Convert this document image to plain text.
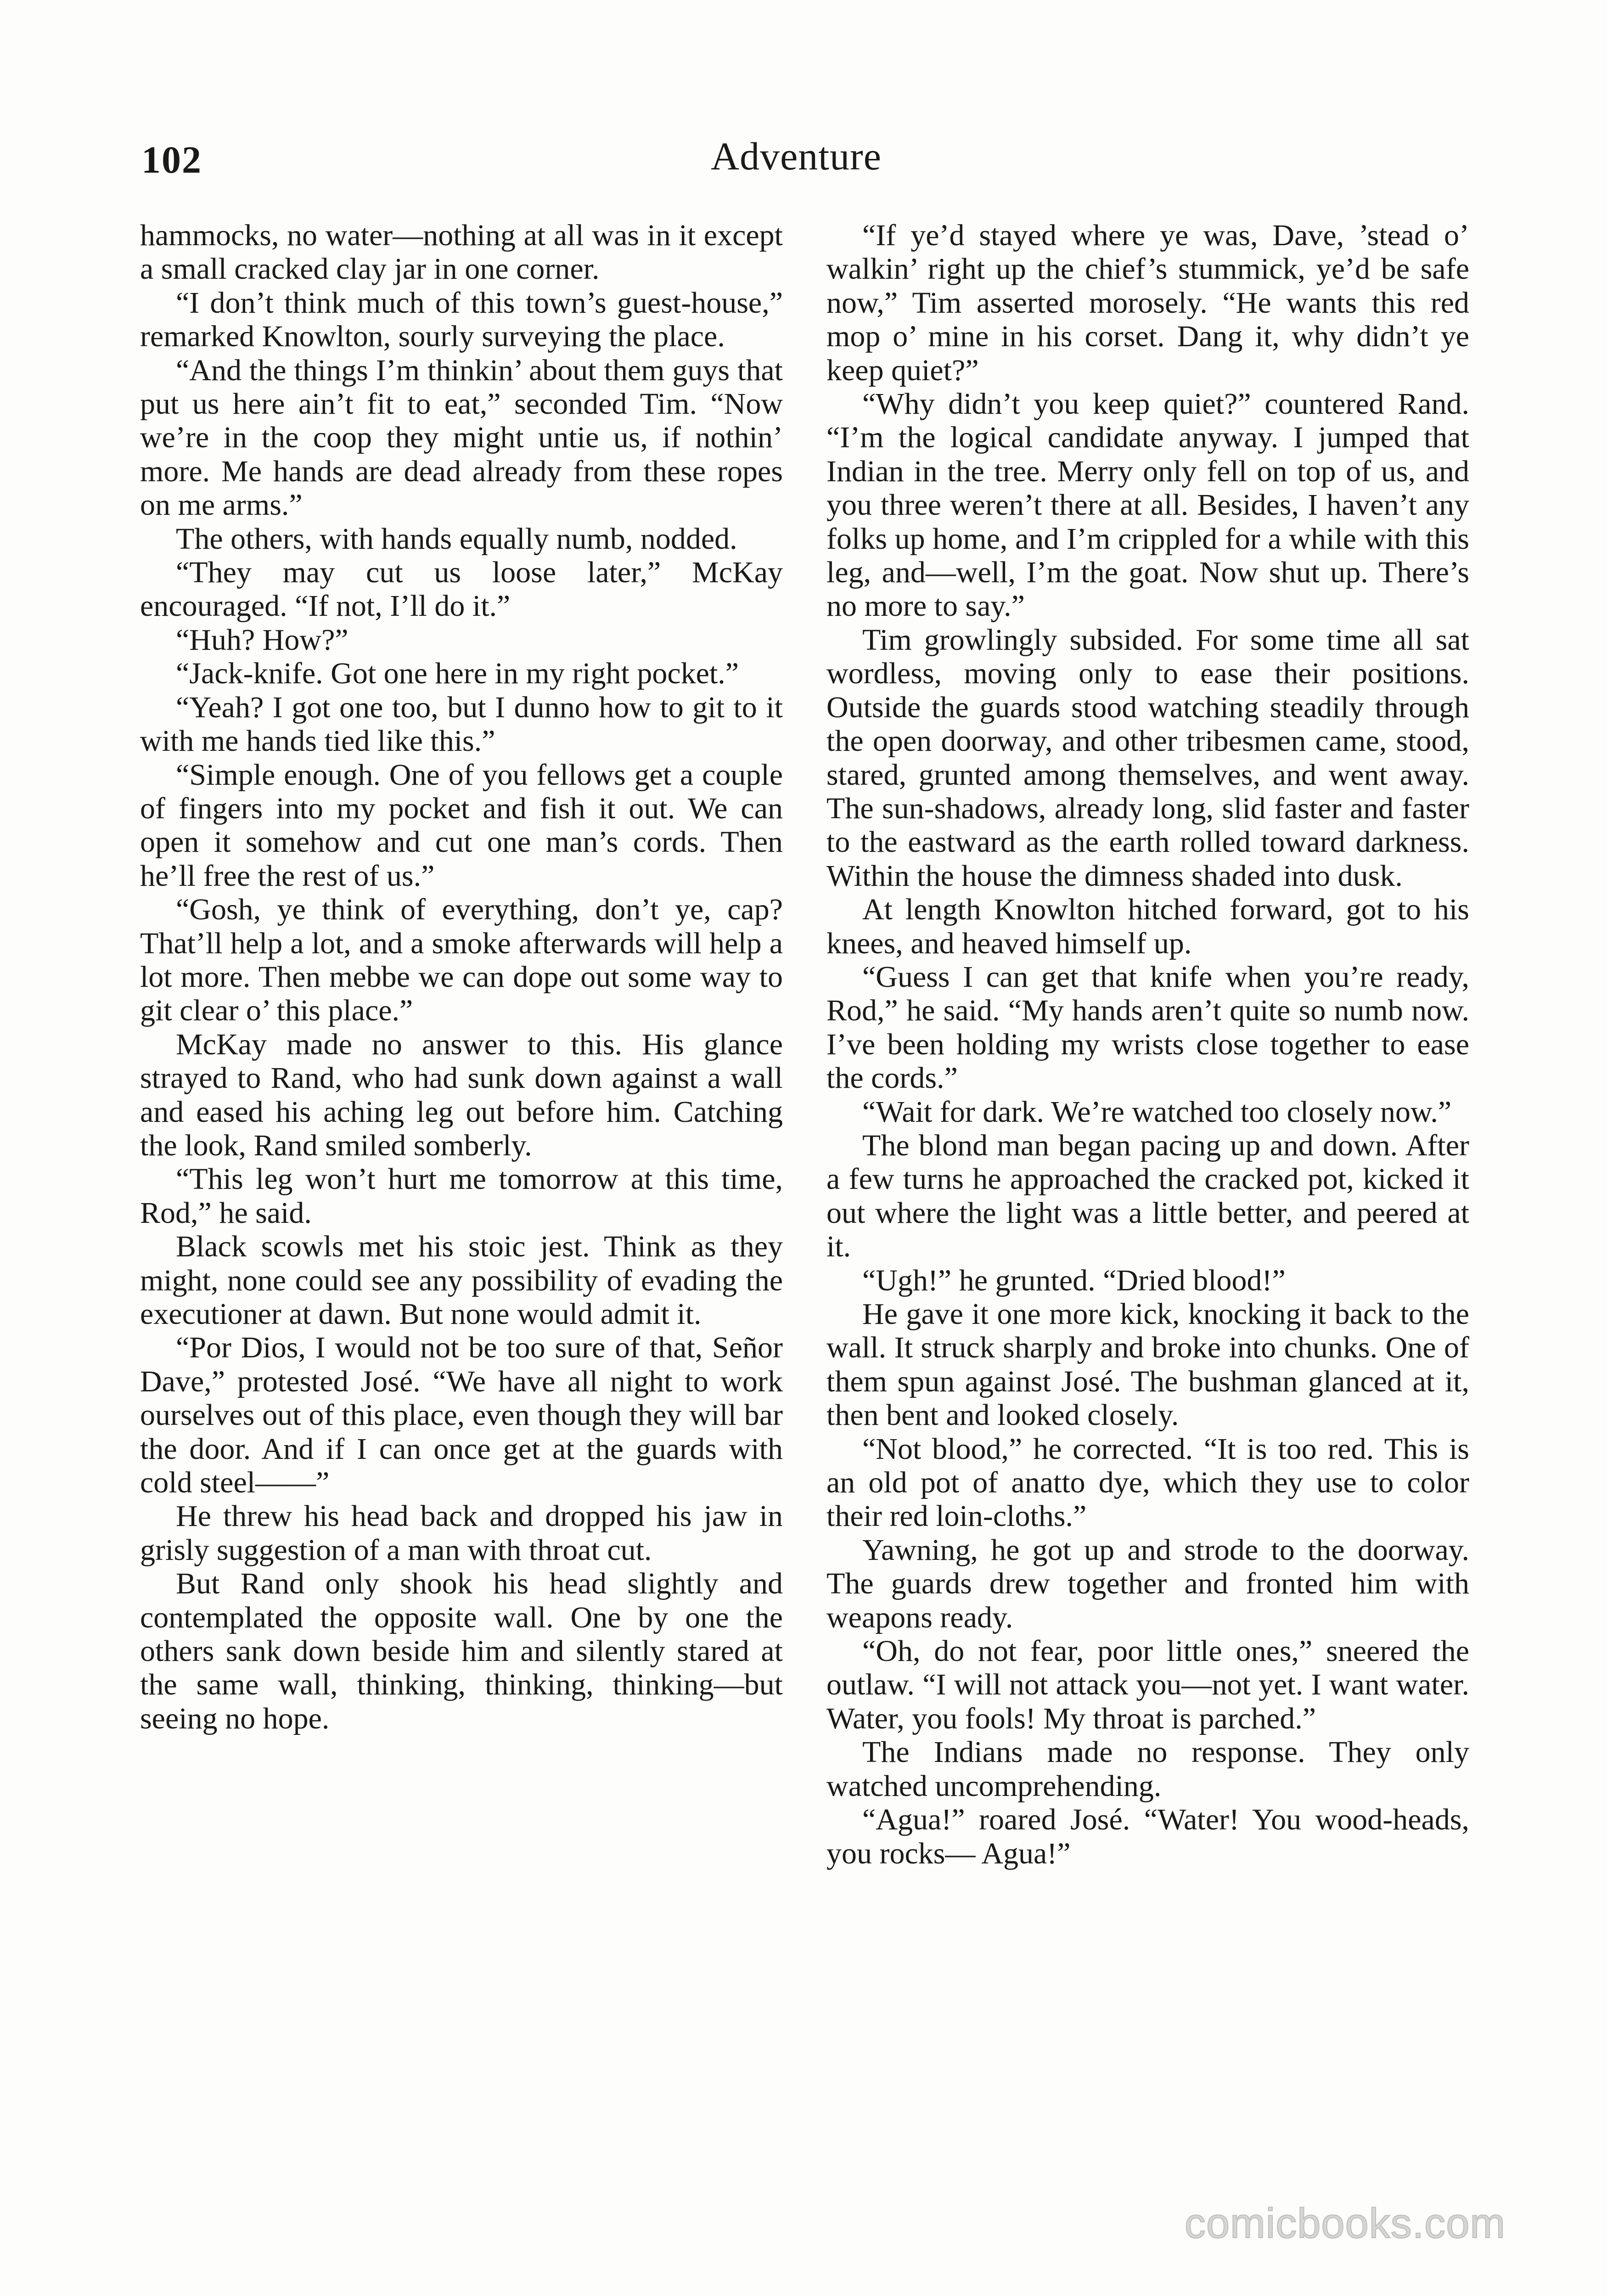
102	Adventure

hammocks, no water—nothing at all was in it except a small cracked clay jar in one corner.

“I don’t think much of this town’s guest-house,” remarked Knowlton, sourly surveying the place.

“And the things I’m thinkin’ about them guys that put us here ain’t fit to eat,” seconded Tim. “Now we’re in the coop they might untie us, if nothin’ more. Me hands are dead already from these ropes on me arms.”

The others, with hands equally numb, nodded.

“They may cut us loose later,” McKay encouraged. “If not, I’ll do it.”

“Huh? How?”

“Jack-knife. Got one here in my right pocket.”

“Yeah? I got one too, but I dunno how to git to it with me hands tied like this.”

“Simple enough. One of you fellows get a couple of fingers into my pocket and fish it out. We can open it somehow and cut one man’s cords. Then he’ll free the rest of us.”

“Gosh, ye think of everything, don’t ye, cap? That’ll help a lot, and a smoke afterwards will help a lot more. Then mebbe we can dope out some way to git clear o’ this place.”

McKay made no answer to this. His glance strayed to Rand, who had sunk down against a wall and eased his aching leg out before him. Catching the look, Rand smiled somberly.

“This leg won’t hurt me tomorrow at this time, Rod,” he said.

Black scowls met his stoic jest. Think as they might, none could see any possibility of evading the executioner at dawn. But none would admit it.

“Por Dios, I would not be too sure of that, Señor Dave,” protested José. “We have all night to work ourselves out of this place, even though they will bar the door. And if I can once get at the guards with cold steel——”

He threw his head back and dropped his jaw in grisly suggestion of a man with throat cut.

But Rand only shook his head slightly and contemplated the opposite wall. One by one the others sank down beside him and silently stared at the same wall, thinking, thinking, thinking—but seeing no hope.

“If ye’d stayed where ye was, Dave, ’stead o’ walkin’ right up the chief’s stummick, ye’d be safe now,” Tim asserted morosely. “He wants this red mop o’ mine in his corset. Dang it, why didn’t ye keep quiet?”

“Why didn’t you keep quiet?” countered Rand. “I’m the logical candidate anyway. I jumped that Indian in the tree. Merry only fell on top of us, and you three weren’t there at all. Besides, I haven’t any folks up home, and I’m crippled for a while with this leg, and—well, I’m the goat. Now shut up. There’s no more to say.”

Tim growlingly subsided. For some time all sat wordless, moving only to ease their positions. Outside the guards stood watching steadily through the open doorway, and other tribesmen came, stood, stared, grunted among themselves, and went away. The sun-shadows, already long, slid faster and faster to the eastward as the earth rolled toward darkness. Within the house the dimness shaded into dusk.

At length Knowlton hitched forward, got to his knees, and heaved himself up.

“Guess I can get that knife when you’re ready, Rod,” he said. “My hands aren’t quite so numb now. I’ve been holding my wrists close together to ease the cords.”

“Wait for dark. We’re watched too closely now.”

The blond man began pacing up and down. After a few turns he approached the cracked pot, kicked it out where the light was a little better, and peered at it.

“Ugh!” he grunted. “Dried blood!”

He gave it one more kick, knocking it back to the wall. It struck sharply and broke into chunks. One of them spun against José. The bushman glanced at it, then bent and looked closely.

“Not blood,” he corrected. “It is too red. This is an old pot of anatto dye, which they use to color their red loin-cloths.”

Yawning, he got up and strode to the doorway. The guards drew together and fronted him with weapons ready.

“Oh, do not fear, poor little ones,” sneered the outlaw. “I will not attack you—not yet. I want water. Water, you fools! My throat is parched.”

The Indians made no response. They only watched uncomprehending.

“Agua!” roared José. “Water! You wood-heads, you rocks— Agua!”

comicbooks.com
